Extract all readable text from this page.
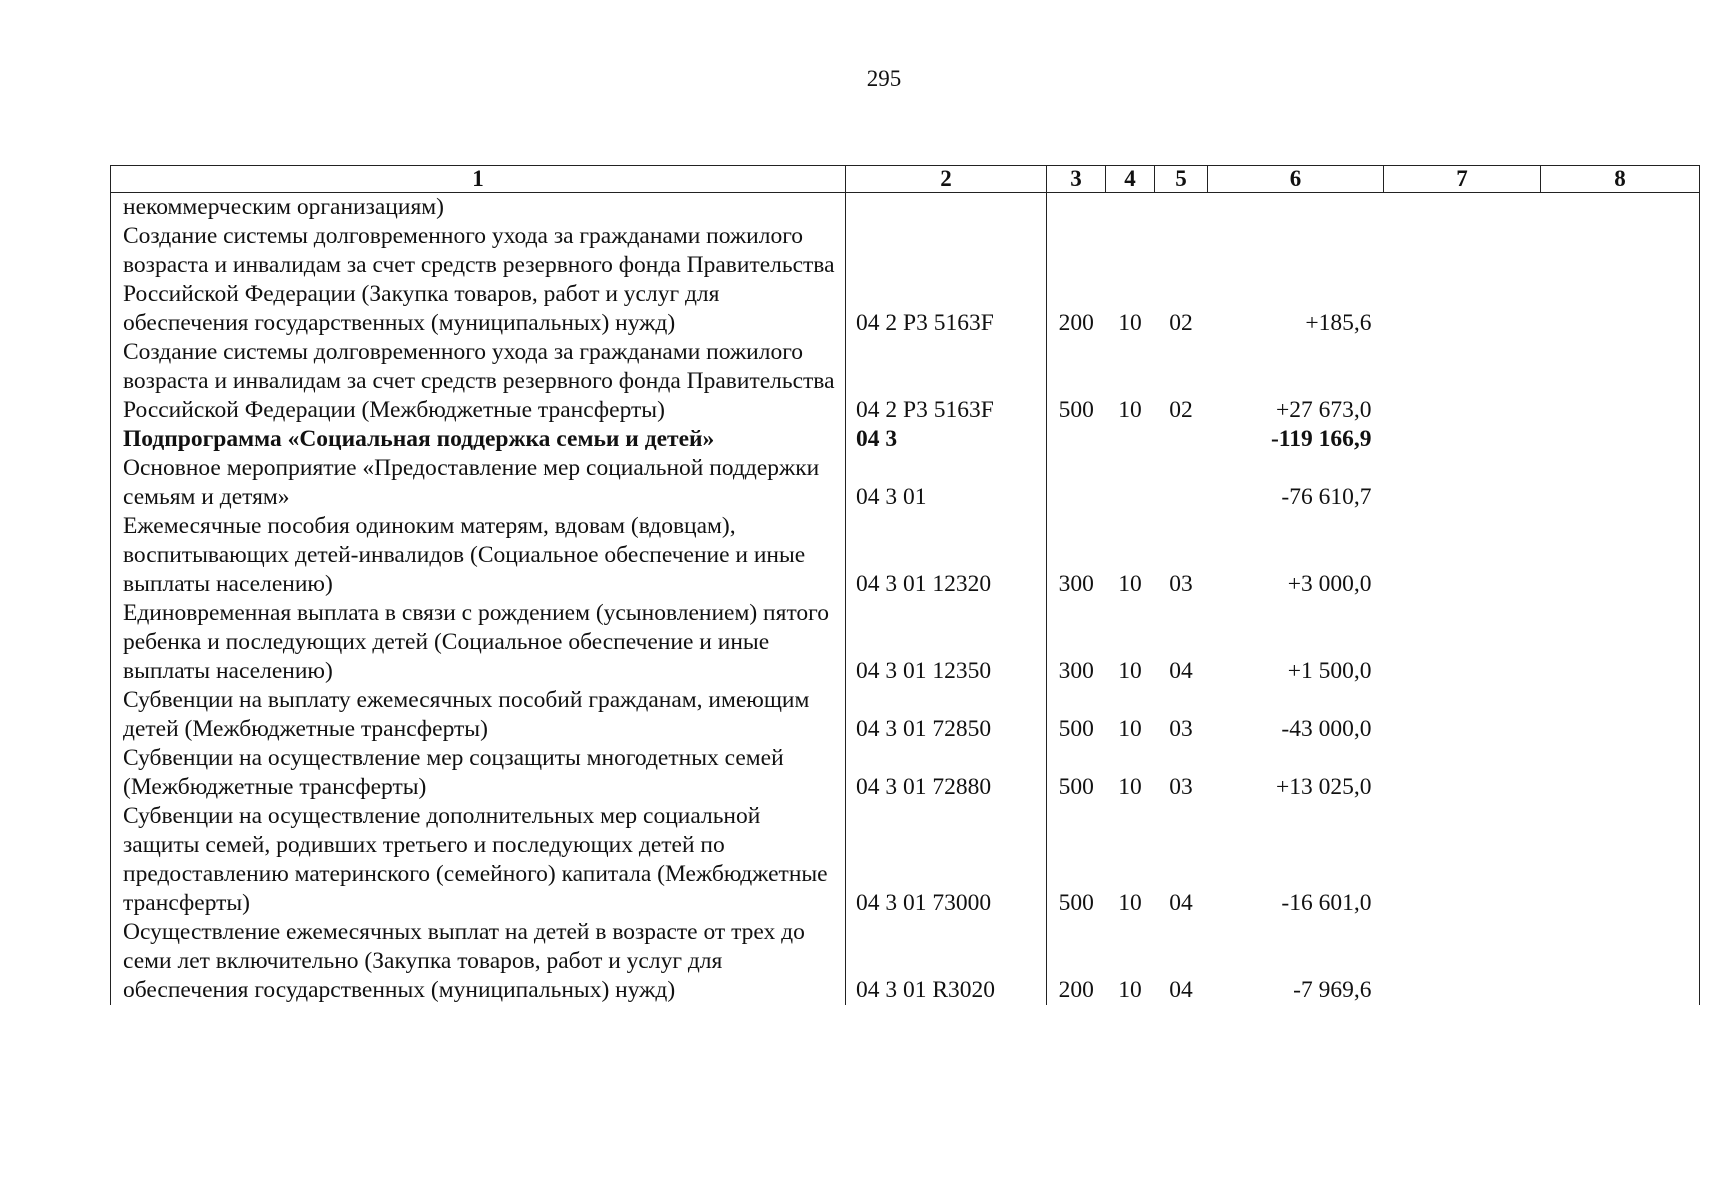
295
1	2	3	4	5	6	7	8
некоммерческим организациям)							
Создание системы долговременного ухода за гражданами пожилого возраста и инвалидам за счет средств резервного фонда Правительства Российской Федерации (Закупка товаров, работ и услуг для обеспечения государственных (муниципальных) нужд)	04 2 P3 5163F	200	10	02	+185,6		
Создание системы долговременного ухода за гражданами пожилого возраста и инвалидам за счет средств резервного фонда Правительства Российской Федерации (Межбюджетные трансферты)	04 2 P3 5163F	500	10	02	+27 673,0		
Подпрограмма «Социальная поддержка семьи и детей»	04 3				-119 166,9		
Основное мероприятие «Предоставление мер социальной поддержки семьям и детям»	04 3 01				-76 610,7		
Ежемесячные пособия одиноким матерям, вдовам (вдовцам), воспитывающих детей-инвалидов (Социальное обеспечение и иные выплаты населению)	04 3 01 12320	300	10	03	+3 000,0		
Единовременная выплата в связи с рождением (усыновлением) пятого ребенка и последующих детей (Социальное обеспечение и иные выплаты населению)	04 3 01 12350	300	10	04	+1 500,0		
Субвенции на выплату ежемесячных пособий гражданам, имеющим детей (Межбюджетные трансферты)	04 3 01 72850	500	10	03	-43 000,0		
Субвенции на осуществление мер соцзащиты многодетных семей (Межбюджетные трансферты)	04 3 01 72880	500	10	03	+13 025,0		
Субвенции на осуществление дополнительных мер социальной защиты семей, родивших третьего и последующих детей по предоставлению материнского (семейного) капитала (Межбюджетные трансферты)	04 3 01 73000	500	10	04	-16 601,0		
Осуществление ежемесячных выплат на детей в возрасте от трех до семи лет включительно (Закупка товаров, работ и услуг для обеспечения государственных (муниципальных) нужд)	04 3 01 R3020	200	10	04	-7 969,6		
